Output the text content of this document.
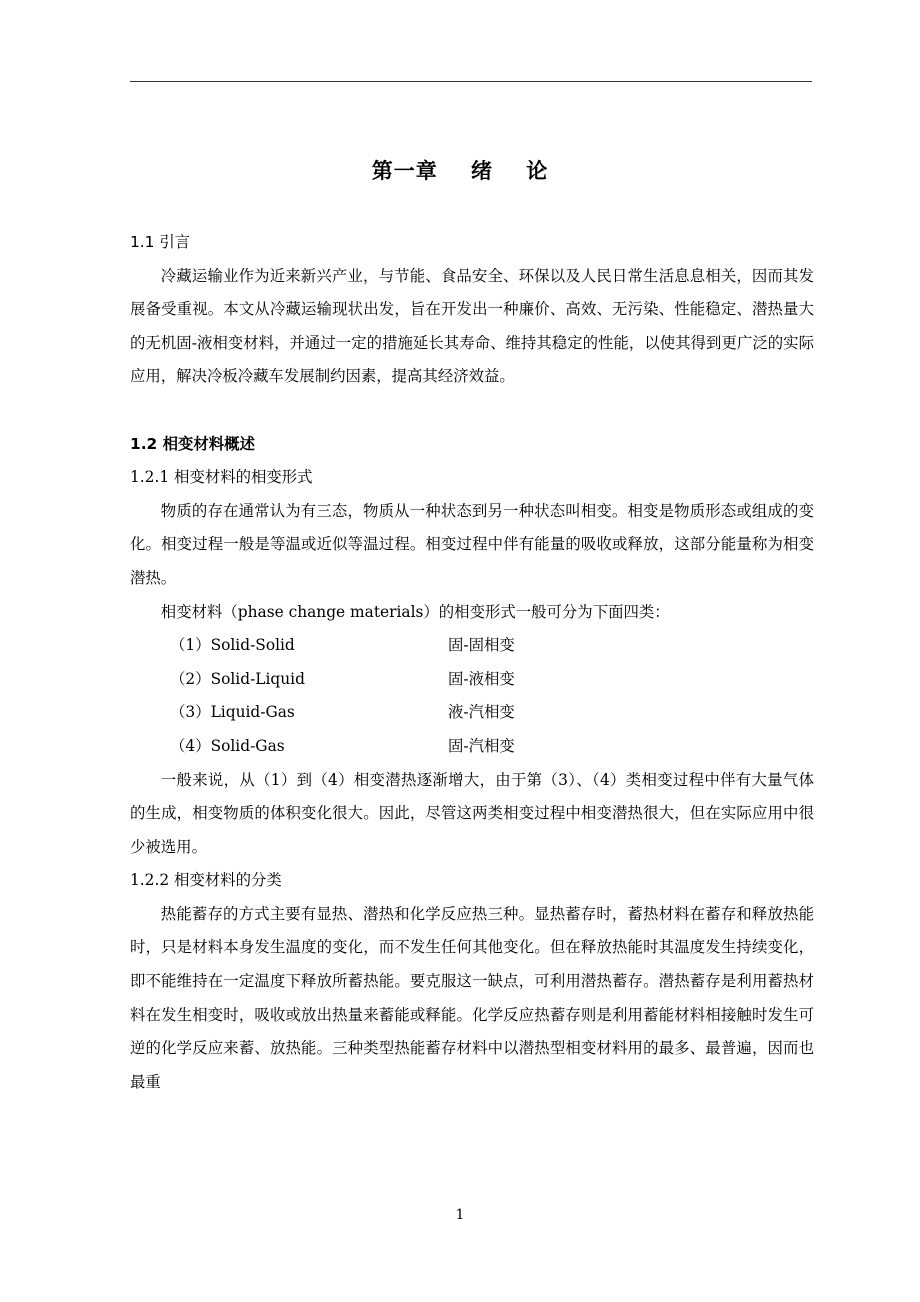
第一章    绪    论
1.1 引言

冷藏运输业作为近来新兴产业，与节能、食品安全、环保以及人民日常生活息息相关，因而其发展备受重视。本文从冷藏运输现状出发，旨在开发出一种廉价、高效、无污染、性能稳定、潜热量大的无机固-液相变材料，并通过一定的措施延长其寿命、维持其稳定的性能，以使其得到更广泛的实际应用，解决冷板冷藏车发展制约因素，提高其经济效益。

1.2 相变材料概述
1.2.1 相变材料的相变形式

物质的存在通常认为有三态，物质从一种状态到另一种状态叫相变。相变是物质形态或组成的变化。相变过程一般是等温或近似等温过程。相变过程中伴有能量的吸收或释放，这部分能量称为相变潜热。

相变材料（phase change materials）的相变形式一般可分为下面四类：

（1）Solid-Solid	固-固相变
（2）Solid-Liquid	固-液相变
（3）Liquid-Gas	液-汽相变
（4）Solid-Gas	固-汽相变

一般来说，从（1）到（4）相变潜热逐渐增大，由于第（3）、（4）类相变过程中伴有大量气体的生成，相变物质的体积变化很大。因此，尽管这两类相变过程中相变潜热很大，但在实际应用中很少被选用。

1.2.2 相变材料的分类

热能蓄存的方式主要有显热、潜热和化学反应热三种。显热蓄存时，蓄热材料在蓄存和释放热能时，只是材料本身发生温度的变化，而不发生任何其他变化。但在释放热能时其温度发生持续变化，即不能维持在一定温度下释放所蓄热能。要克服这一缺点，可利用潜热蓄存。潜热蓄存是利用蓄热材料在发生相变时，吸收或放出热量来蓄能或释能。化学反应热蓄存则是利用蓄能材料相接触时发生可逆的化学反应来蓄、放热能。三种类型热能蓄存材料中以潜热型相变材料用的最多、最普遍，因而也最重

1
